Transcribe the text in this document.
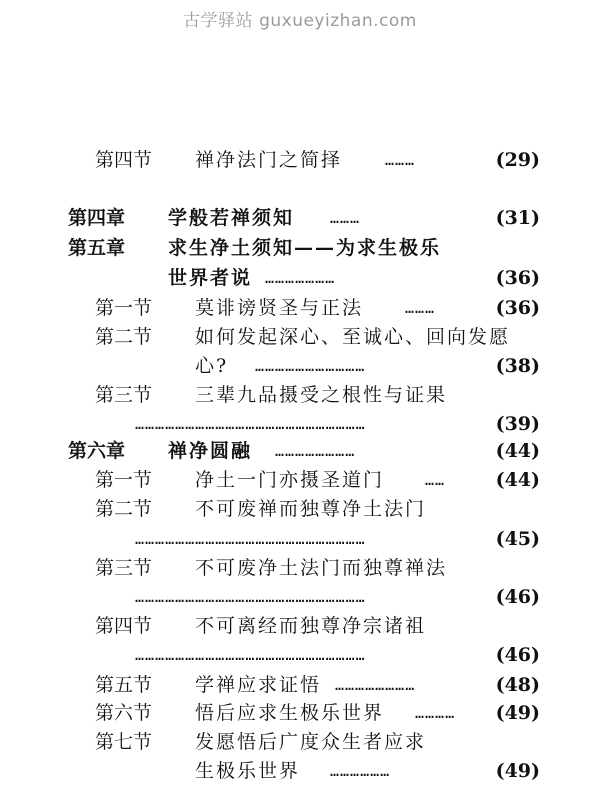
古学驿站 guxueyizhan.com
第四节 禅净法门之简择	………	(29)
第四章 学般若禅须知 ………	(31)
第五章 求生净土须知——为求生极乐
世界者说 …………………	(36)
第一节 莫诽谤贤圣与正法	………	(36)
第二节 如何发起深心、至诚心、回向发愿
心? ……………………………	(38)
第三节 三辈九品摄受之根性与证果
……………………………………………………………	(39)
第六章 禅净圆融 ……………………	(44)
第一节 净土一门亦摄圣道门	……	(44)
第二节 不可废禅而独尊净土法门
……………………………………………………………	(45)
第三节 不可废净土法门而独尊禅法
……………………………………………………………	(46)
第四节 不可离经而独尊净宗诸祖
……………………………………………………………	(46)
第五节 学禅应求证悟 ……………………	(48)
第六节 悟后应求生极乐世界 ………… (49)
第七节 发愿悟后广度众生者应求
生极乐世界 ………………	(49)
